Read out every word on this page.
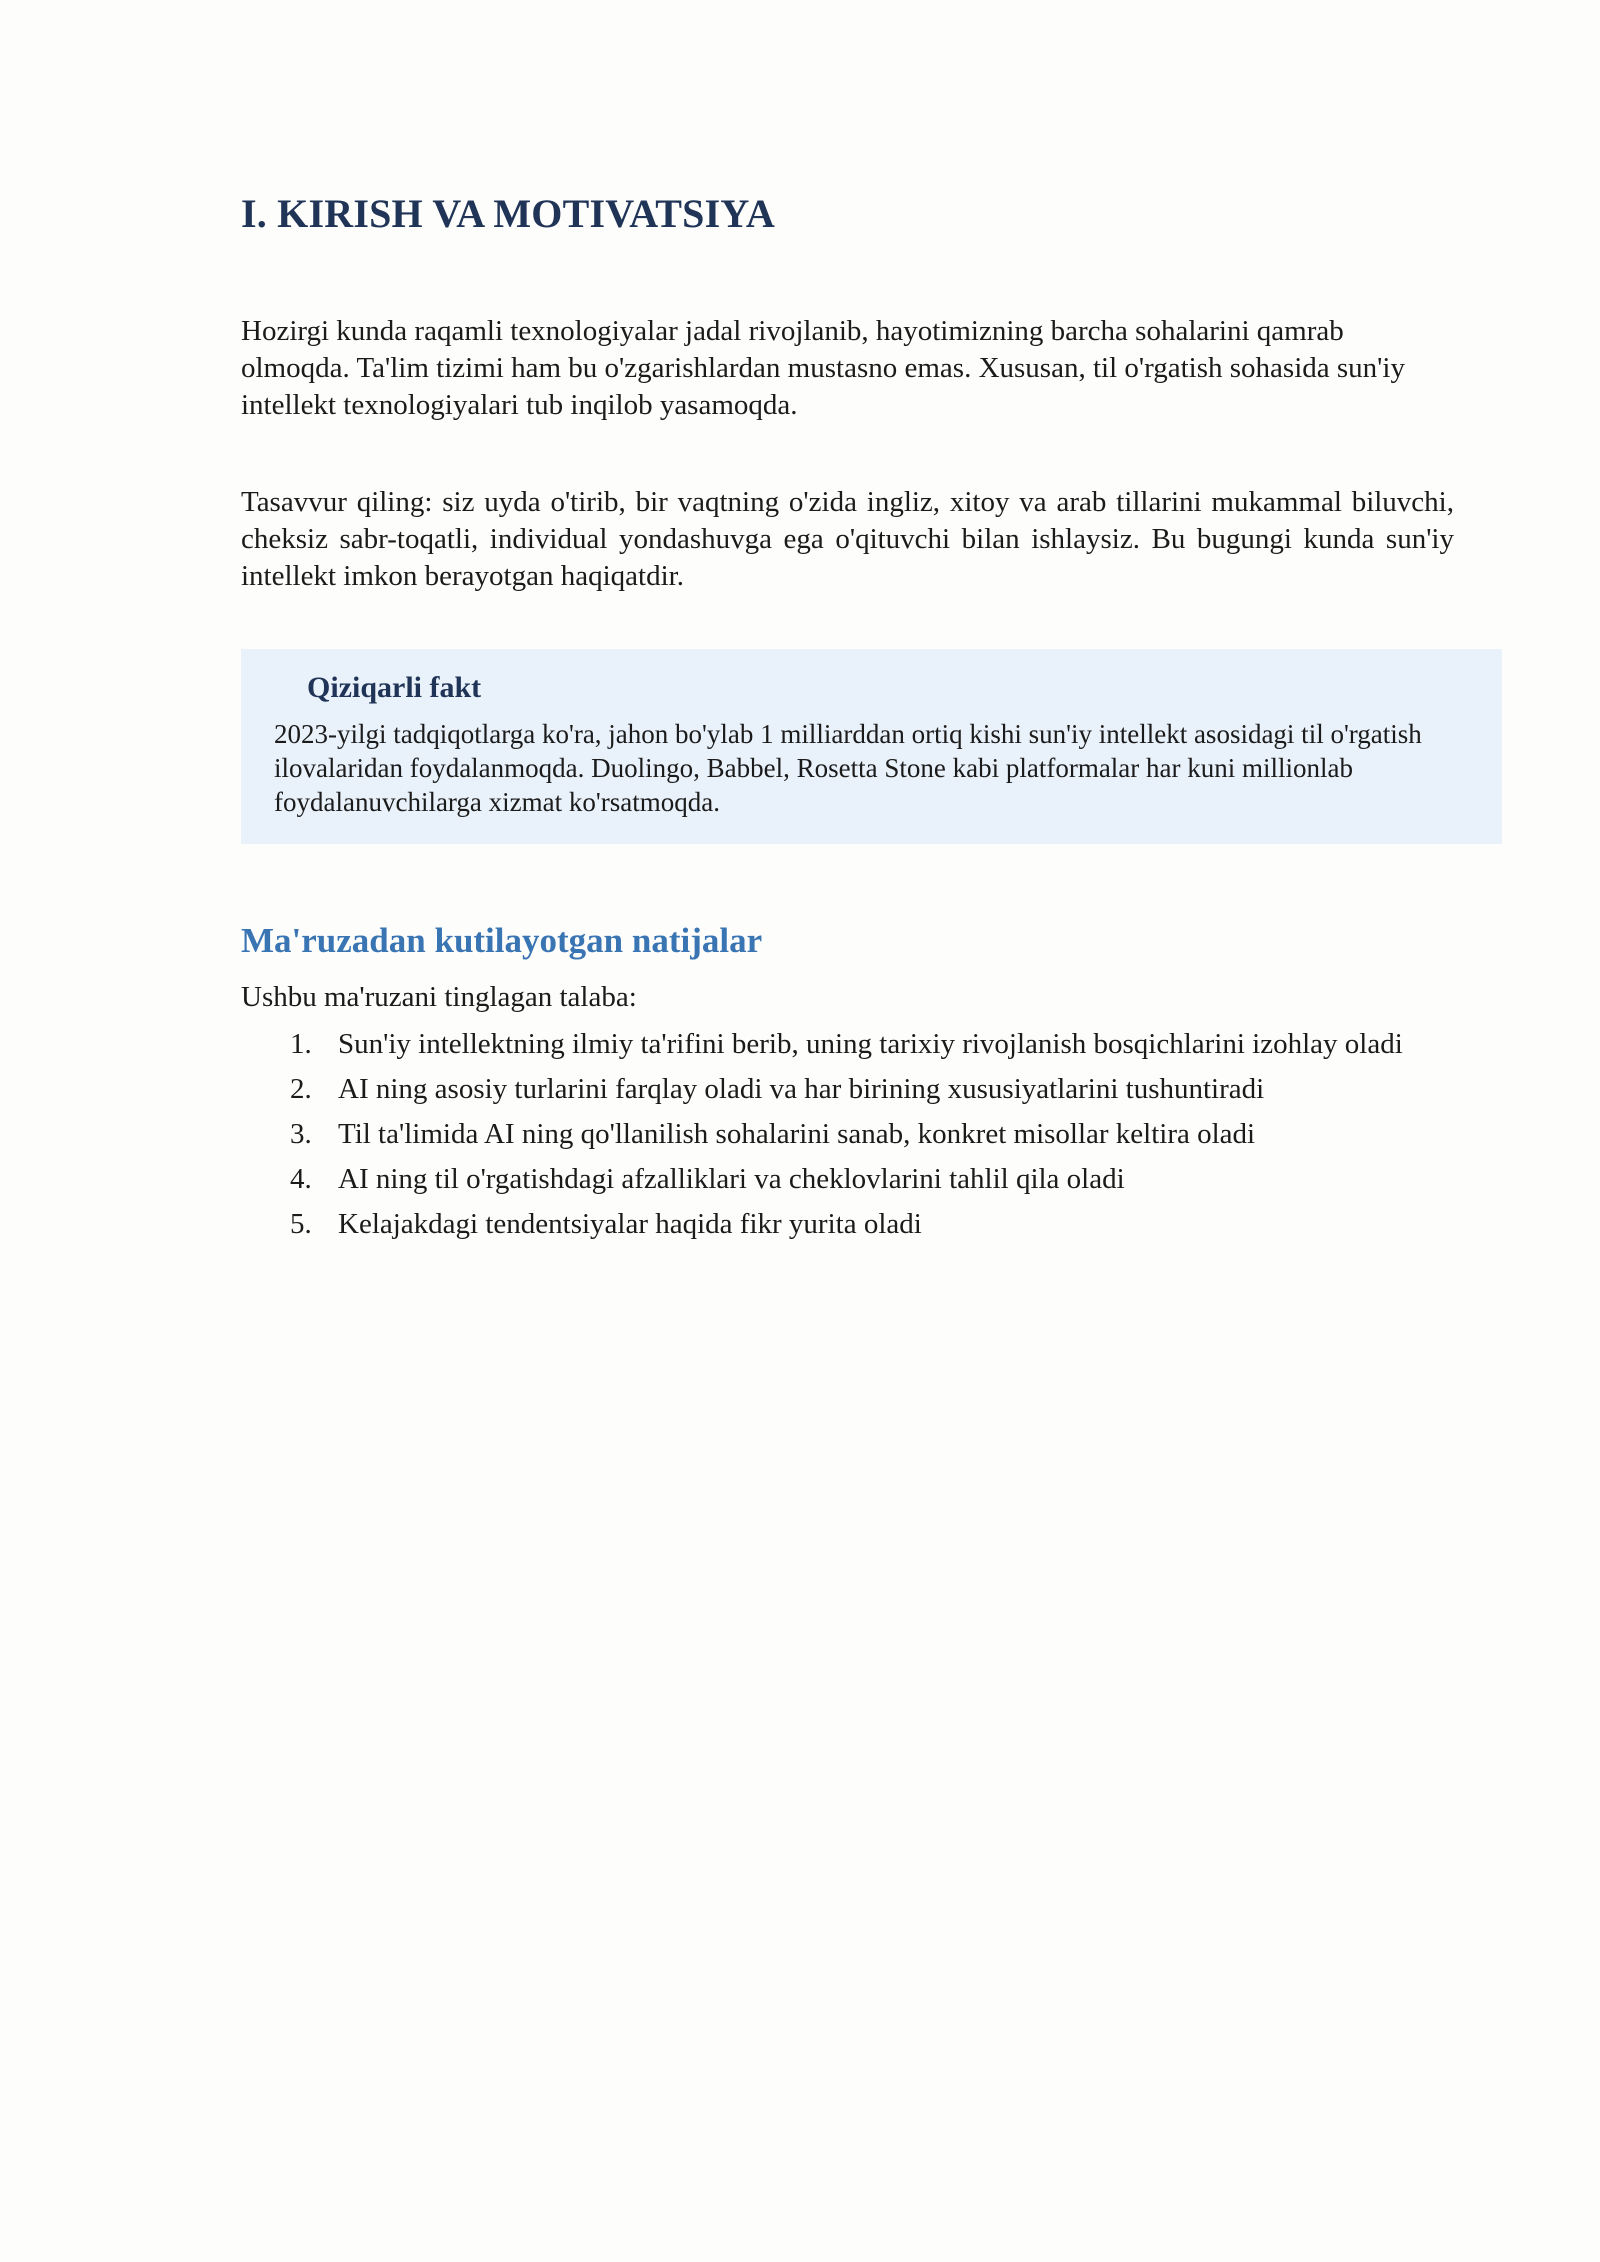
I. KIRISH VA MOTIVATSIYA

Hozirgi kunda raqamli texnologiyalar jadal rivojlanib, hayotimizning barcha sohalarini qamrab olmoqda. Ta'lim tizimi ham bu o'zgarishlardan mustasno emas. Xususan, til o'rgatish sohasida sun'iy intellekt texnologiyalari tub inqilob yasamoqda.

Tasavvur qiling: siz uyda o'tirib, bir vaqtning o'zida ingliz, xitoy va arab tillarini mukammal biluvchi, cheksiz sabr-toqatli, individual yondashuvga ega o'qituvchi bilan ishlaysiz. Bu bugungi kunda sun'iy intellekt imkon berayotgan haqiqatdir.

Qiziqarli fakt

2023-yilgi tadqiqotlarga ko'ra, jahon bo'ylab 1 milliarddan ortiq kishi sun'iy intellekt asosidagi til o'rgatish ilovalaridan foydalanmoqda. Duolingo, Babbel, Rosetta Stone kabi platformalar har kuni millionlab foydalanuvchilarga xizmat ko'rsatmoqda.

Ma'ruzadan kutilayotgan natijalar

Ushbu ma'ruzani tinglagan talaba:

1. Sun'iy intellektning ilmiy ta'rifini berib, uning tarixiy rivojlanish bosqichlarini izohlay oladi
2. AI ning asosiy turlarini farqlay oladi va har birining xususiyatlarini tushuntiradi
3. Til ta'limida AI ning qo'llanilish sohalarini sanab, konkret misollar keltira oladi
4. AI ning til o'rgatishdagi afzalliklari va cheklovlarini tahlil qila oladi
5. Kelajakdagi tendentsiyalar haqida fikr yurita oladi
